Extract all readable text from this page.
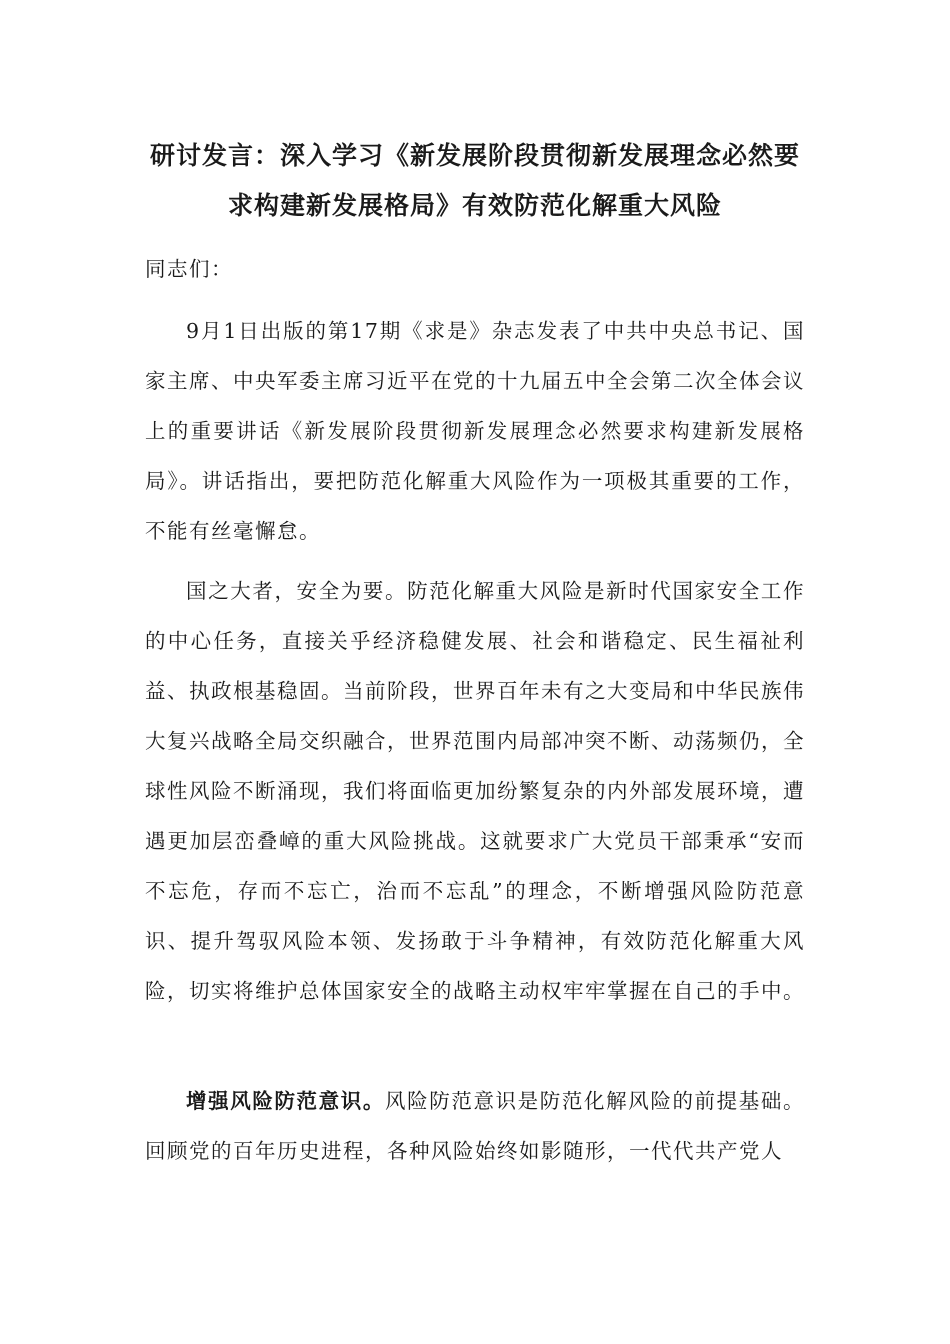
研讨发言：深入学习《新发展阶段贯彻新发展理念必然要
求构建新发展格局》有效防范化解重大风险
同志们：

9月1日出版的第17期《求是》杂志发表了中共中央总书记、国家主席、中央军委主席习近平在党的十九届五中全会第二次全体会议上的重要讲话《新发展阶段贯彻新发展理念必然要求构建新发展格局》。讲话指出，要把防范化解重大风险作为一项极其重要的工作，不能有丝毫懈怠。

国之大者，安全为要。防范化解重大风险是新时代国家安全工作的中心任务，直接关乎经济稳健发展、社会和谐稳定、民生福祉利益、执政根基稳固。当前阶段，世界百年未有之大变局和中华民族伟大复兴战略全局交织融合，世界范围内局部冲突不断、动荡频仍，全球性风险不断涌现，我们将面临更加纷繁复杂的内外部发展环境，遭遇更加层峦叠嶂的重大风险挑战。这就要求广大党员干部秉承“安而不忘危，存而不忘亡，治而不忘乱”的理念，不断增强风险防范意识、提升驾驭风险本领、发扬敢于斗争精神，有效防范化解重大风险，切实将维护总体国家安全的战略主动权牢牢掌握在自己的手中。

增强风险防范意识。风险防范意识是防范化解风险的前提基础。回顾党的百年历史进程，各种风险始终如影随形，一代代共产党人
